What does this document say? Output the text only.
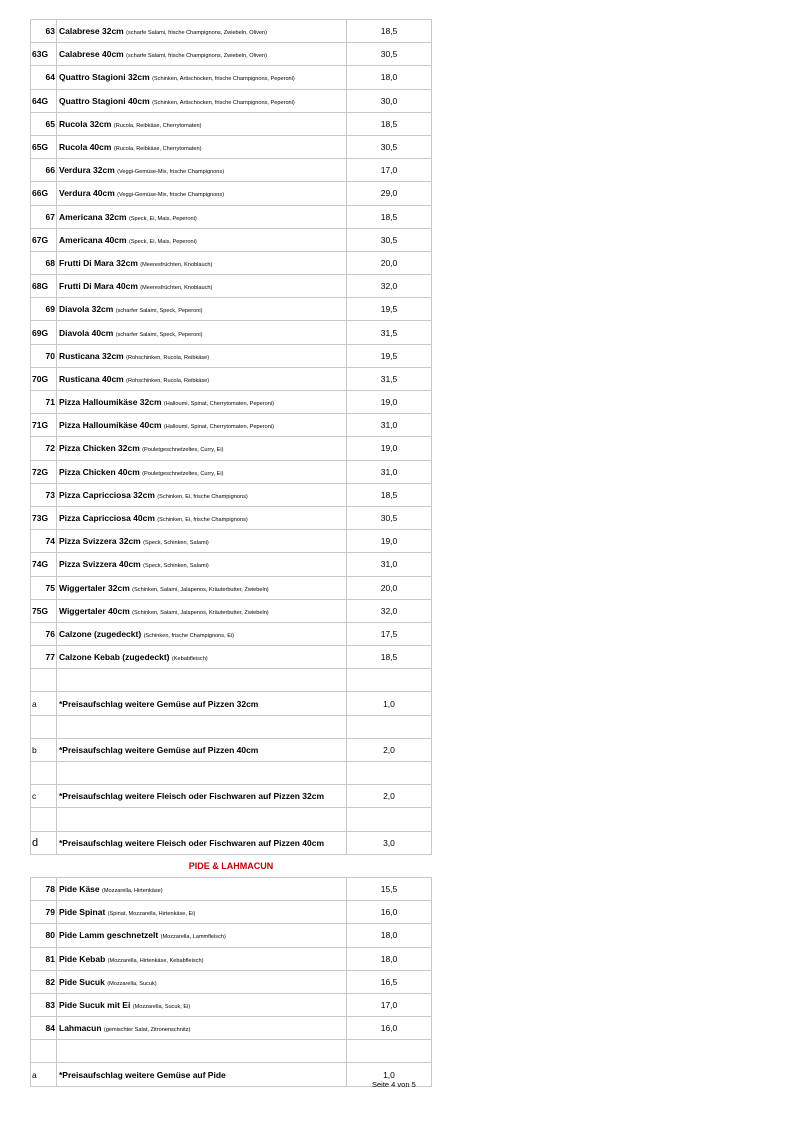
63	Calabrese 32cm (scharfe Salami, frische Champignons, Zwiebeln, Oliven)	18,5
63G	Calabrese 40cm (scharfe Salami, frische Champignons, Zwiebeln, Oliven)	30,5
64	Quattro Stagioni 32cm (Schinken, Artischocken, frische Champignons, Peperoni)	18,0
64G	Quattro Stagioni 40cm (Schinken, Artischocken, frische Champignons, Peperoni)	30,0
65	Rucola 32cm (Rucola, Reibkäse, Cherrytomaten)	18,5
65G	Rucola 40cm (Rucola, Reibkäse, Cherrytomaten)	30,5
66	Verdura 32cm (Veggi-Gemüse-Mix, frische Champignons)	17,0
66G	Verdura 40cm (Veggi-Gemüse-Mix, frische Champignons)	29,0
67	Americana 32cm (Speck, Ei, Mais, Peperoni)	18,5
67G	Americana 40cm (Speck, Ei, Mais, Peperoni)	30,5
68	Frutti Di Mara 32cm (Meeresfrüchten, Knoblauch)	20,0
68G	Frutti Di Mara 40cm (Meeresfrüchten, Knoblauch)	32,0
69	Diavola 32cm (scharfer Salami, Speck, Peperoni)	19,5
69G	Diavola 40cm (scharfer Salami, Speck, Peperoni)	31,5
70	Rusticana 32cm (Rohschinken, Rucola, Reibkäse)	19,5
70G	Rusticana 40cm (Rohschinken, Rucola, Reibkäse)	31,5
71	Pizza Halloumikäse 32cm (Halloumi, Spinat, Cherrytomaten, Peperoni)	19,0
71G	Pizza Halloumikäse 40cm (Halloumi, Spinat, Cherrytomaten, Peperoni)	31,0
72	Pizza Chicken 32cm (Pouletgeschnetzeltes, Curry, Ei)	19,0
72G	Pizza Chicken 40cm (Pouletgeschnetzeltes, Curry, Ei)	31,0
73	Pizza Capricciosa 32cm (Schinken, Ei, frische Champignons)	18,5
73G	Pizza Capricciosa 40cm (Schinken, Ei, frische Champignons)	30,5
74	Pizza Svizzera 32cm (Speck, Schinken, Salami)	19,0
74G	Pizza Svizzera 40cm (Speck, Schinken, Salami)	31,0
75	Wiggertaler 32cm (Schinken, Salami, Jalapenos, Kräuterbutter, Zwiebeln)	20,0
75G	Wiggertaler 40cm (Schinken, Salami, Jalapenos, Kräuterbutter, Zwiebeln)	32,0
76	Calzone (zugedeckt) (Schinken, frische Champignons, Ei)	17,5
77	Calzone Kebab (zugedeckt) (Kebabfleisch)	18,5

a	*Preisaufschlag weitere Gemüse auf Pizzen 32cm	1,0

b	*Preisaufschlag weitere Gemüse auf Pizzen 40cm	2,0

c	*Preisaufschlag weitere Fleisch oder Fischwaren auf Pizzen 32cm	2,0

d	*Preisaufschlag weitere Fleisch oder Fischwaren auf Pizzen 40cm	3,0
PIDE & LAHMACUN		
78	Pide Käse (Mozzarella, Hirtenkäse)	15,5
79	Pide Spinat (Spinat, Mozzarella, Hirtenkäse, Ei)	16,0
80	Pide Lamm geschnetzelt (Mozzarella, Lammfleisch)	18,0
81	Pide Kebab (Mozzarella, Hirtenkäse, Kebabfleisch)	18,0
82	Pide Sucuk (Mozzarella, Sucuk)	16,5
83	Pide Sucuk mit Ei (Mozzarella, Sucuk, Ei)	17,0
84	Lahmacun (gemischter Salat, Zitronenschnitz)	16,0

a	*Preisaufschlag weitere Gemüse auf Pide	1,0
Seite 4 von 5
